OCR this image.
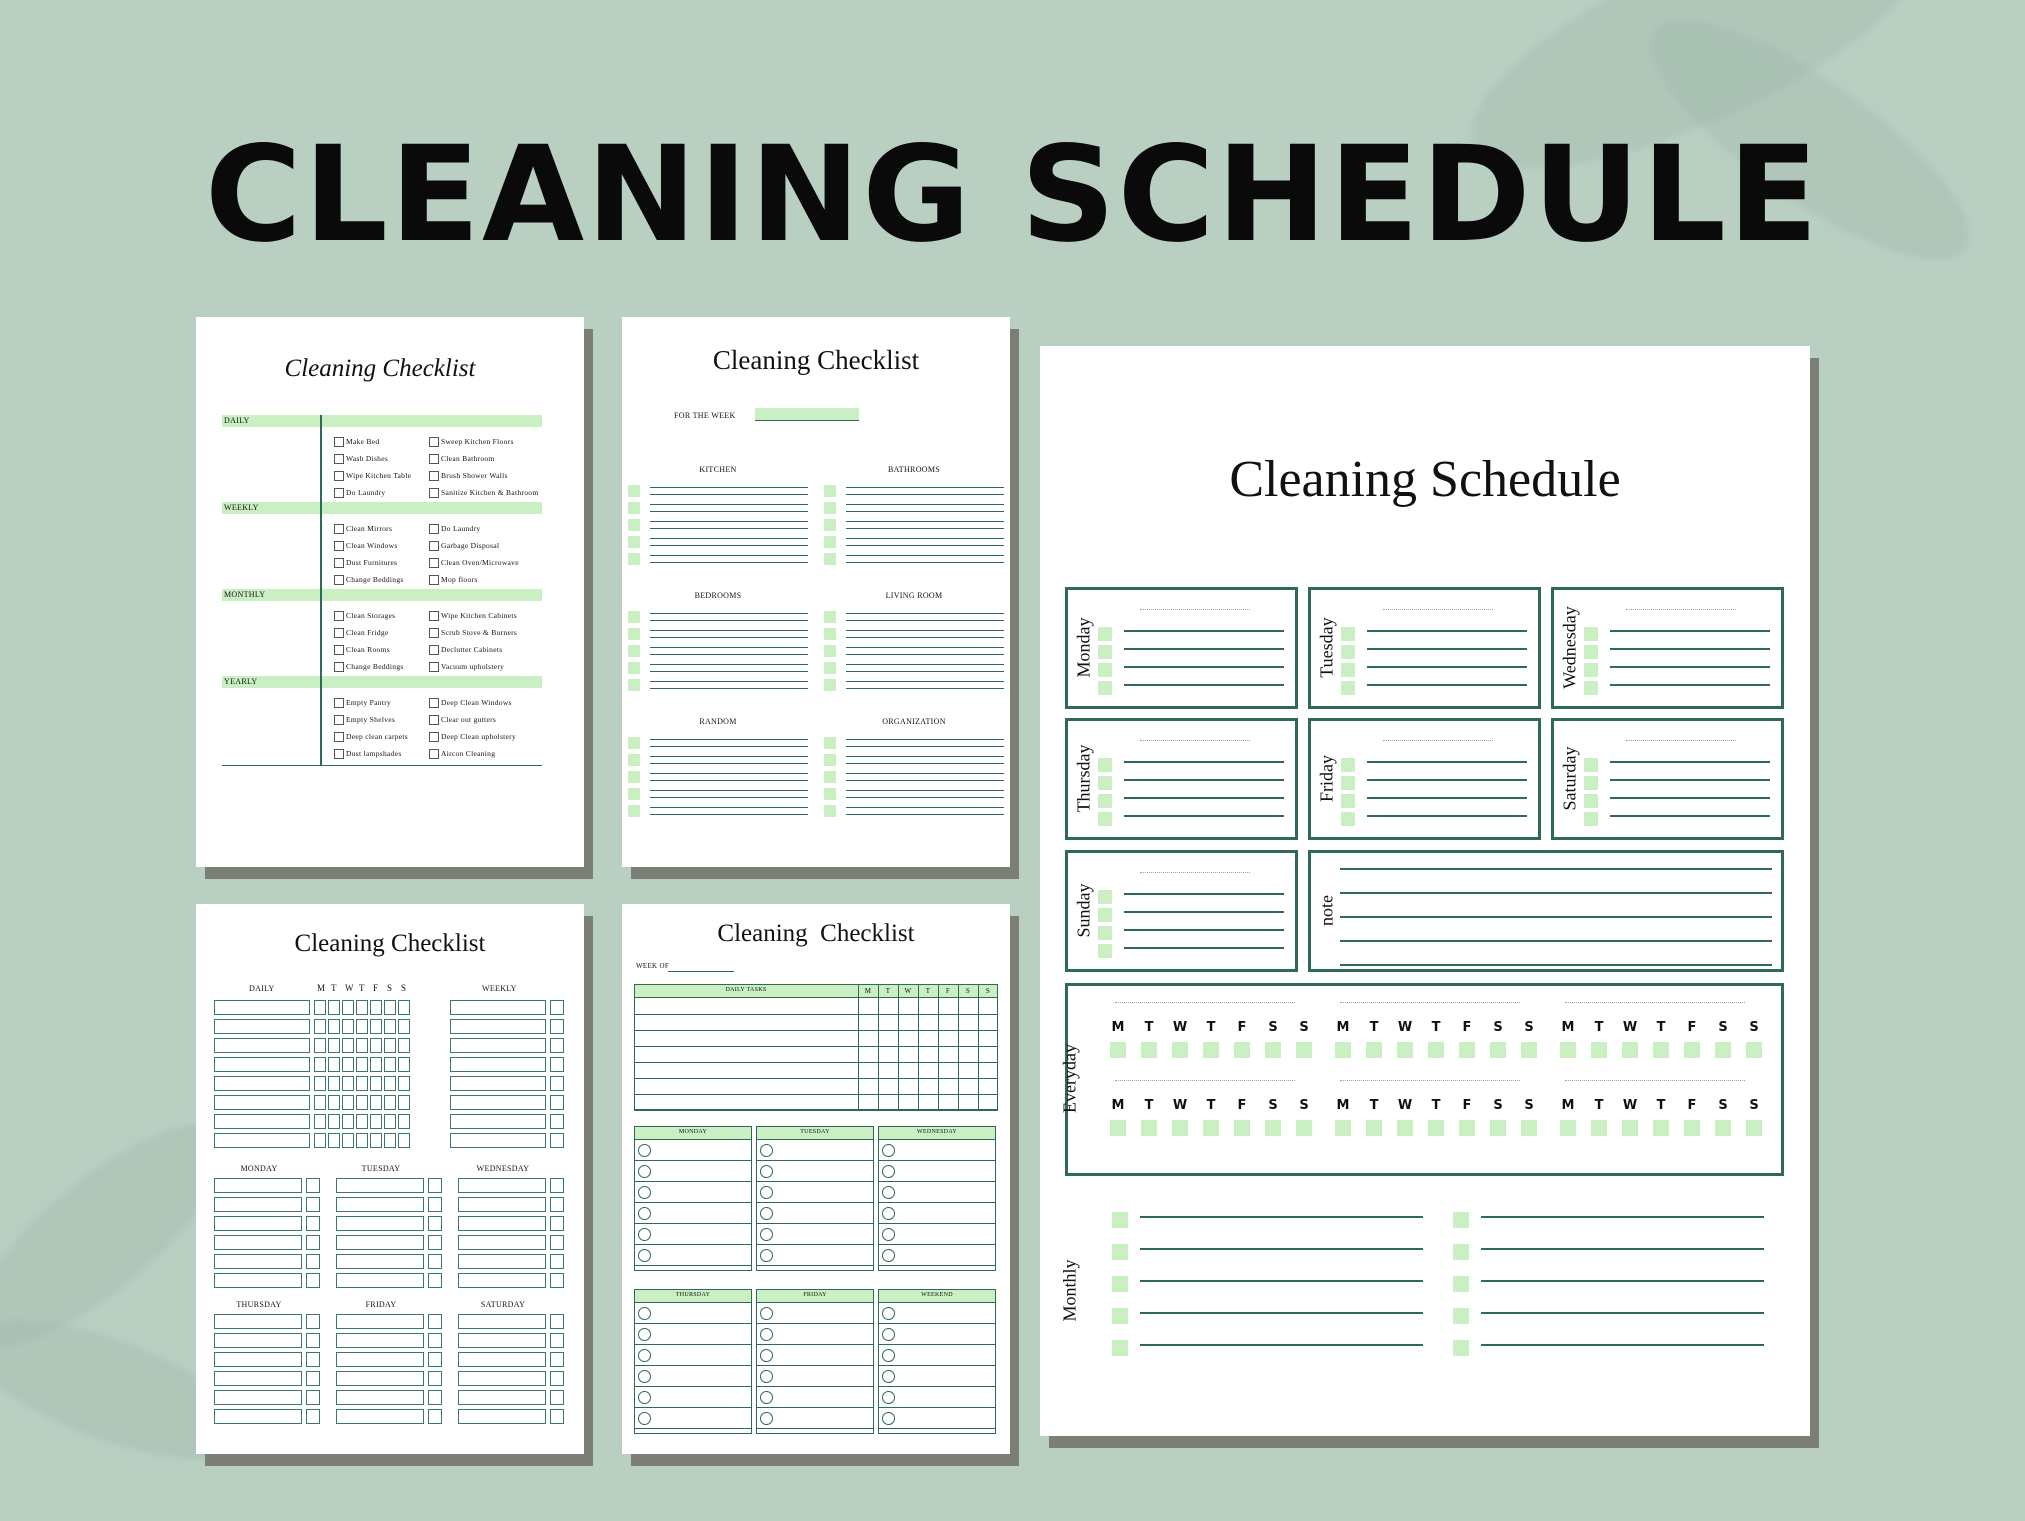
CLEANING SCHEDULE
Cleaning Checklist
DAILY
Make Bed	Sweep Kitchen Floors
Wash Dishes	Clean Bathroom
Wipe Kitchen Table	Brush Shower Walls
Do Laundry	Sanitize Kitchen & Bathroom
WEEKLY
Clean Mirrors	Do Laundry
Clean Windows	Garbage Disposal
Dust Furnitures	Clean Oven/Microwave
Change Beddings	Mop floors
MONTHLY
Clean Storages	Wipe Kitchen Cabinets
Clean Fridge	Scrub Stove & Burners
Clean Rooms	Declutter Cabinets
Change Beddings	Vacuum upholstery
YEARLY
Empty Pantry	Deep Clean Windows
Empty Shelves	Clear out gutters
Deep clean carpets	Deep Clean upholstery
Dust lampshades	Aircon Cleaning
Cleaning Checklist
FOR THE WEEK
KITCHEN	BATHROOMS
BEDROOMS	LIVING ROOM
RANDOM	ORGANIZATION
Cleaning Checklist
DAILY	WEEKLY
M T W T F S S
MONDAY	TUESDAY	WEDNESDAY
THURSDAY	FRIDAY	SATURDAY
Cleaning  Checklist
WEEK OF
DAILY TASKS	M	T	W	T	F	S	S
MONDAY	TUESDAY	WEDNESDAY
THURSDAY	FRIDAY	WEEKEND
Cleaning Schedule
Monday	Tuesday	Wednesday
Thursday	Friday	Saturday
Sunday	note
Everyday
M T W T F S S M T W T F S S M T W T F S S
M T W T F S S M T W T F S S M T W T F S S
Monthly
